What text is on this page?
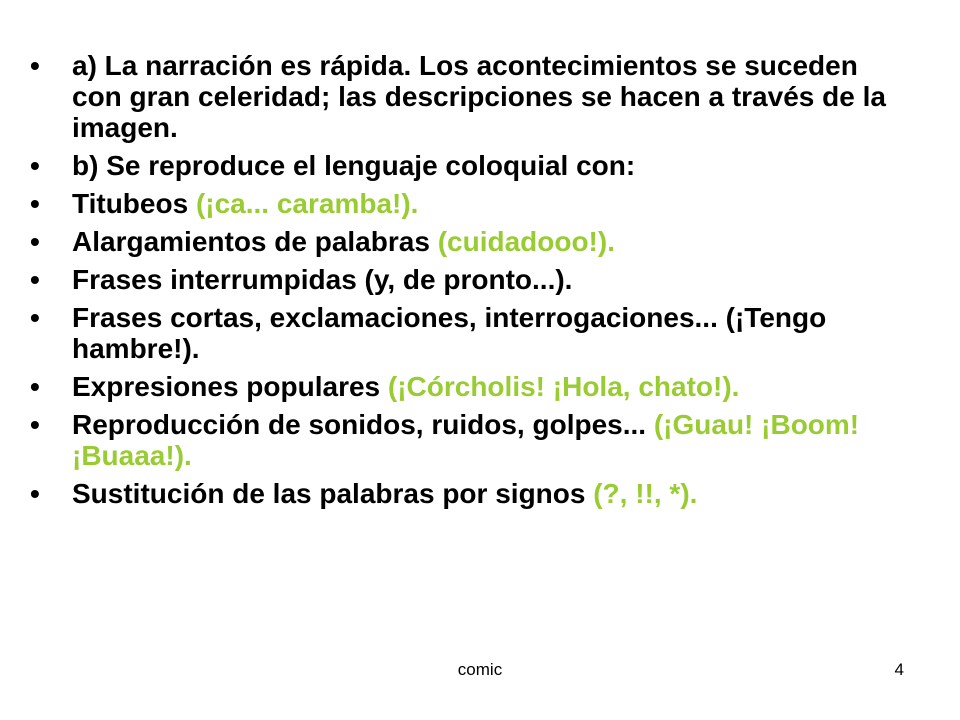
•	a) La narración es rápida. Los acontecimientos se suceden con gran celeridad; las descripciones se hacen a través de la imagen.
•	b) Se reproduce el lenguaje coloquial con:
•	Titubeos (¡ca... caramba!).
•	Alargamientos de palabras (cuidadooo!).
•	Frases interrumpidas (y, de pronto...).
•	Frases cortas, exclamaciones, interrogaciones... (¡Tengo hambre!).
•	Expresiones populares (¡Córcholis! ¡Hola, chato!).
•	Reproducción de sonidos, ruidos, golpes... (¡Guau! ¡Boom! ¡Buaaa!).
•	Sustitución de las palabras por signos (?, !!, *).
comic	4
